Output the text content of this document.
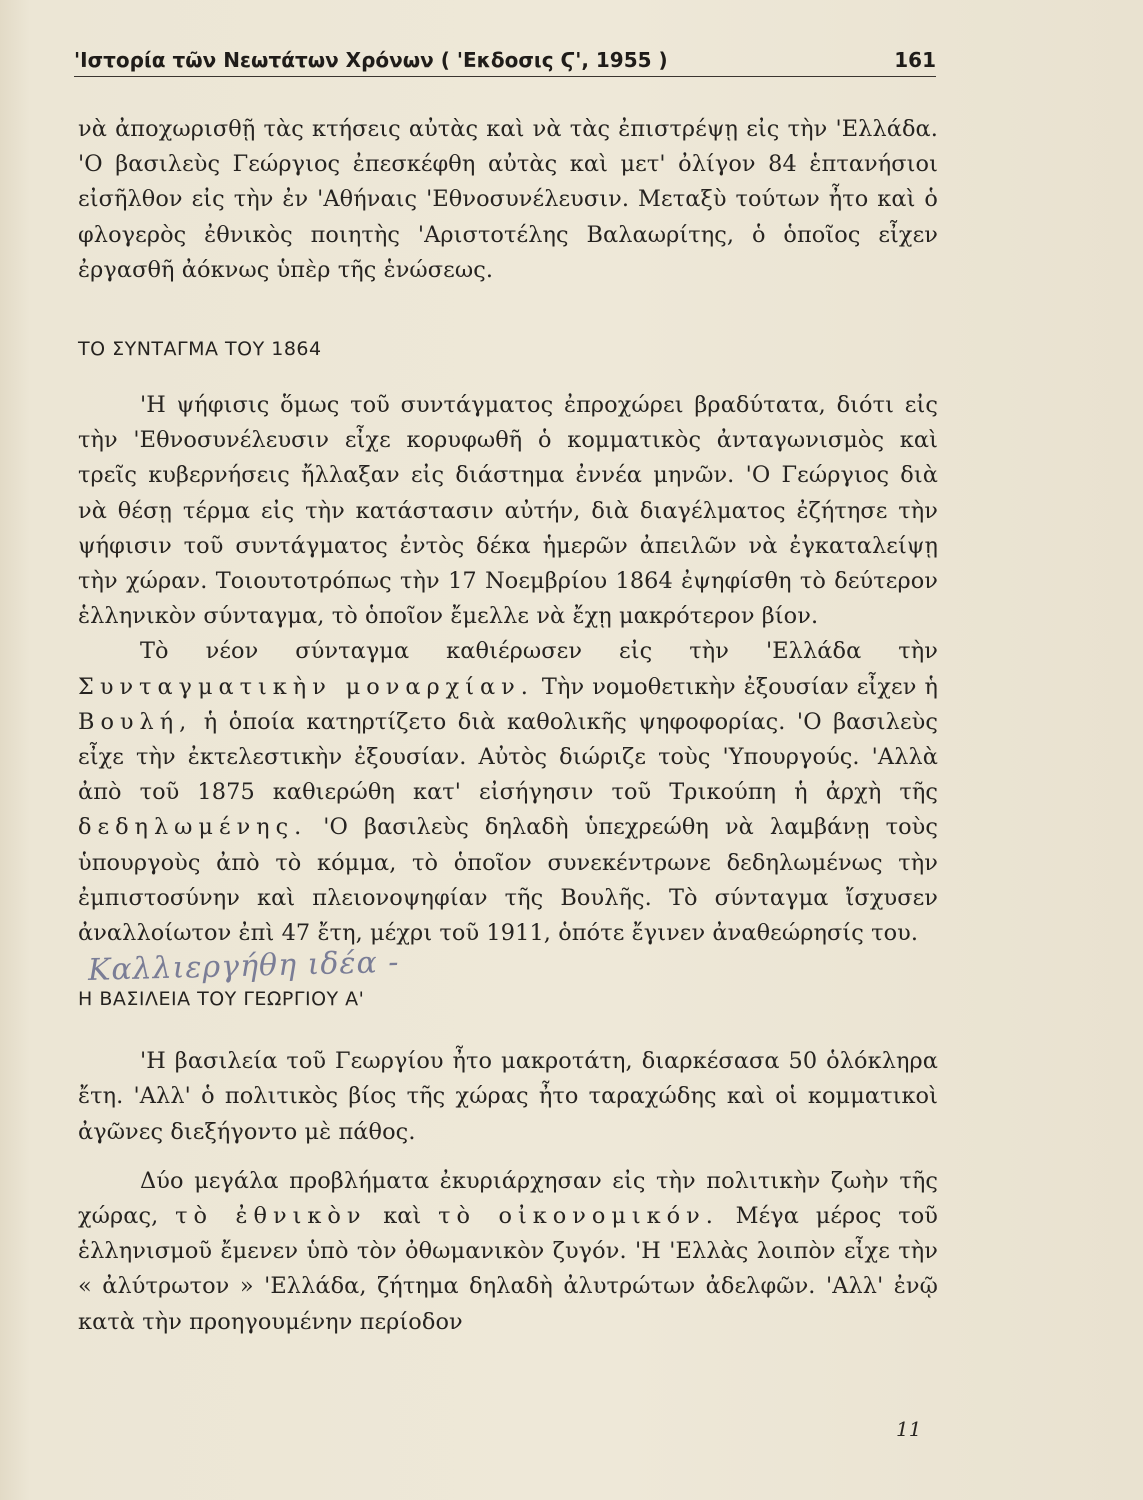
'Ιστορία τῶν Νεωτάτων Χρόνων ( 'Εκδοσις Ϛ', 1955 )	161

νὰ ἀποχωρισθῇ τὰς κτήσεις αὐτὰς καὶ νὰ τὰς ἐπιστρέψῃ εἰς τὴν 'Ελλάδα. 'Ο βασιλεὺς Γεώργιος ἐπεσκέφθη αὐτὰς καὶ μετ' ὀλίγον 84 ἑπτανήσιοι εἰσῆλθον εἰς τὴν ἐν 'Αθήναις 'Εθνοσυνέλευσιν. Μεταξὺ τούτων ἦτο καὶ ὁ φλογερὸς ἐθνικὸς ποιητὴς 'Αριστοτέλης Βαλαωρίτης, ὁ ὁποῖος εἶχεν ἐργασθῆ ἀόκνως ὑπὲρ τῆς ἑνώσεως.

ΤΟ ΣΥΝΤΑΓΜΑ ΤΟΥ 1864

'Η ψήφισις ὅμως τοῦ συντάγματος ἐπροχώρει βραδύτατα, διότι εἰς τὴν 'Εθνοσυνέλευσιν εἶχε κορυφωθῆ ὁ κομματικὸς ἀνταγωνισμὸς καὶ τρεῖς κυβερνήσεις ἤλλαξαν εἰς διάστημα ἐννέα μηνῶν. 'Ο Γεώργιος διὰ νὰ θέσῃ τέρμα εἰς τὴν κατάστασιν αὐτήν, διὰ διαγέλματος ἐζήτησε τὴν ψήφισιν τοῦ συντάγματος ἐντὸς δέκα ἡμερῶν ἀπειλῶν νὰ ἐγκαταλείψῃ τὴν χώραν. Τοιουτοτρόπως τὴν 17 Νοεμβρίου 1864 ἐψηφίσθη τὸ δεύτερον ἑλληνικὸν σύνταγμα, τὸ ὁποῖον ἔμελλε νὰ ἔχῃ μακρότερον βίον.

Τὸ νέον σύνταγμα καθιέρωσεν εἰς τὴν 'Ελλάδα τὴν Συνταγματικὴν μοναρχίαν. Τὴν νομοθετικὴν ἐξουσίαν εἶχεν ἡ Βουλή, ἡ ὁποία κατηρτίζετο διὰ καθολικῆς ψηφοφορίας. 'Ο βασιλεὺς εἶχε τὴν ἐκτελεστικὴν ἐξουσίαν. Αὐτὸς διώριζε τοὺς 'Υπουργούς. 'Αλλὰ ἀπὸ τοῦ 1875 καθιερώθη κατ' εἰσήγησιν τοῦ Τρικούπη ἡ ἀρχὴ τῆς δεδηλωμένης. 'Ο βασιλεὺς δηλαδὴ ὑπεχρεώθη νὰ λαμβάνῃ τοὺς ὑπουργοὺς ἀπὸ τὸ κόμμα, τὸ ὁποῖον συνεκέντρωνε δεδηλωμένως τὴν ἐμπιστοσύνην καὶ πλειονοψηφίαν τῆς Βουλῆς. Τὸ σύνταγμα ἴσχυσεν ἀναλλοίωτον ἐπὶ 47 ἔτη, μέχρι τοῦ 1911, ὁπότε ἔγινεν ἀναθεώρησίς του.

Καλλιεργήθη ιδέα -

Η ΒΑΣΙΛΕΙΑ ΤΟΥ ΓΕΩΡΓΙΟΥ Α'

'Η βασιλεία τοῦ Γεωργίου ἦτο μακροτάτη, διαρκέσασα 50 ὁλόκληρα ἔτη. 'Αλλ' ὁ πολιτικὸς βίος τῆς χώρας ἦτο ταραχώδης καὶ οἱ κομματικοὶ ἀγῶνες διεξήγοντο μὲ πάθος.

Δύο μεγάλα προβλήματα ἐκυριάρχησαν εἰς τὴν πολιτικὴν ζωὴν τῆς χώρας, τὸ ἐθνικὸν καὶ τὸ οἰκονομικόν. Μέγα μέρος τοῦ ἑλληνισμοῦ ἔμενεν ὑπὸ τὸν ὀθωμανικὸν ζυγόν. 'Η 'Ελλὰς λοιπὸν εἶχε τὴν « ἀλύτρωτον » 'Ελλάδα, ζήτημα δηλαδὴ ἀλυτρώτων ἀδελφῶν. 'Αλλ' ἐνῷ κατὰ τὴν προηγουμένην περίοδον

11
